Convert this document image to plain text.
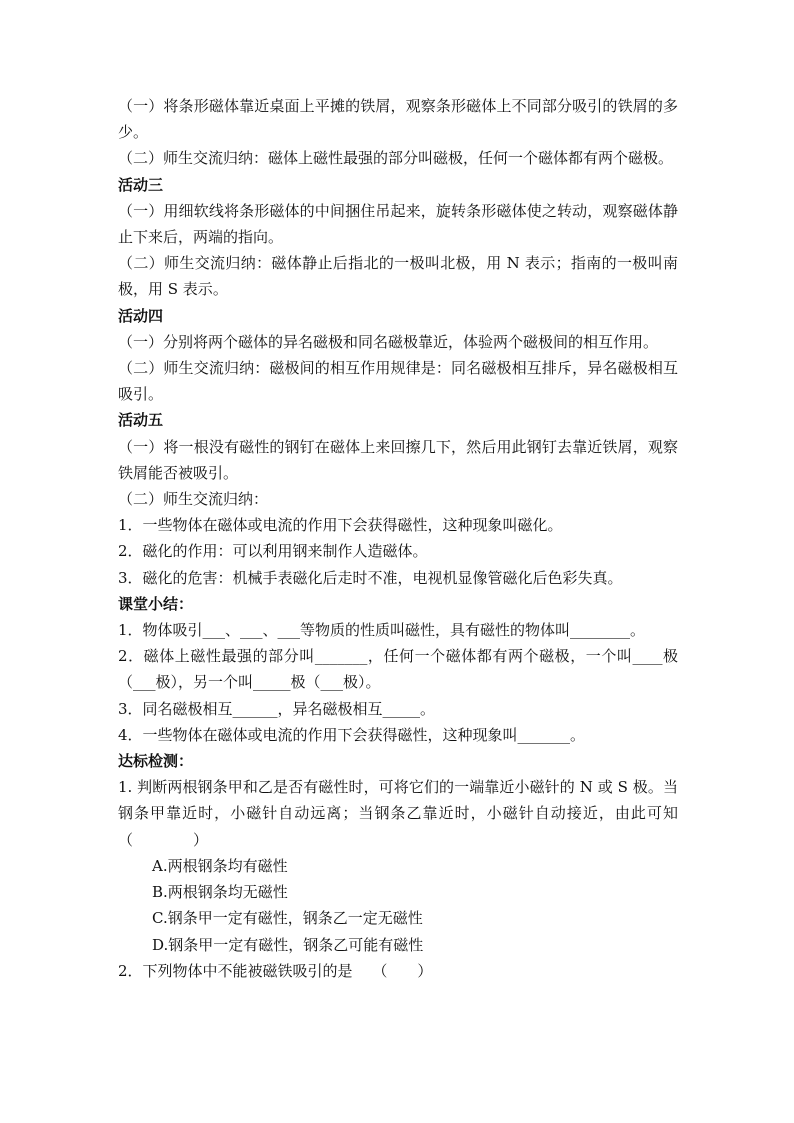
（一）将条形磁体靠近桌面上平摊的铁屑，观察条形磁体上不同部分吸引的铁屑的多少。

（二）师生交流归纳：磁体上磁性最强的部分叫磁极，任何一个磁体都有两个磁极。

活动三

（一）用细软线将条形磁体的中间捆住吊起来，旋转条形磁体使之转动，观察磁体静止下来后，两端的指向。

（二）师生交流归纳：磁体静止后指北的一极叫北极，用 N 表示；指南的一极叫南极，用 S 表示。

活动四

（一）分别将两个磁体的异名磁极和同名磁极靠近，体验两个磁极间的相互作用。

（二）师生交流归纳：磁极间的相互作用规律是：同名磁极相互排斥，异名磁极相互吸引。

活动五

（一）将一根没有磁性的钢钉在磁体上来回擦几下，然后用此钢钉去靠近铁屑，观察铁屑能否被吸引。

（二）师生交流归纳：

1．一些物体在磁体或电流的作用下会获得磁性，这种现象叫磁化。

2．磁化的作用：可以利用钢来制作人造磁体。

3．磁化的危害：机械手表磁化后走时不准，电视机显像管磁化后色彩失真。

课堂小结：

1．物体吸引___、___、___等物质的性质叫磁性，具有磁性的物体叫________。

2．磁体上磁性最强的部分叫_______，任何一个磁体都有两个磁极，一个叫____极（___极），另一个叫_____极（___极）。

3．同名磁极相互______，异名磁极相互_____。

4．一些物体在磁体或电流的作用下会获得磁性，这种现象叫_______。

达标检测：

1. 判断两根钢条甲和乙是否有磁性时，可将它们的一端靠近小磁针的 N 或 S 极。当钢条甲靠近时，小磁针自动远离；当钢条乙靠近时，小磁针自动接近，由此可知（　　　　）

A.两根钢条均有磁性

B.两根钢条均无磁性

C.钢条甲一定有磁性，钢条乙一定无磁性

D.钢条甲一定有磁性，钢条乙可能有磁性

2．下列物体中不能被磁铁吸引的是　 （　　）
